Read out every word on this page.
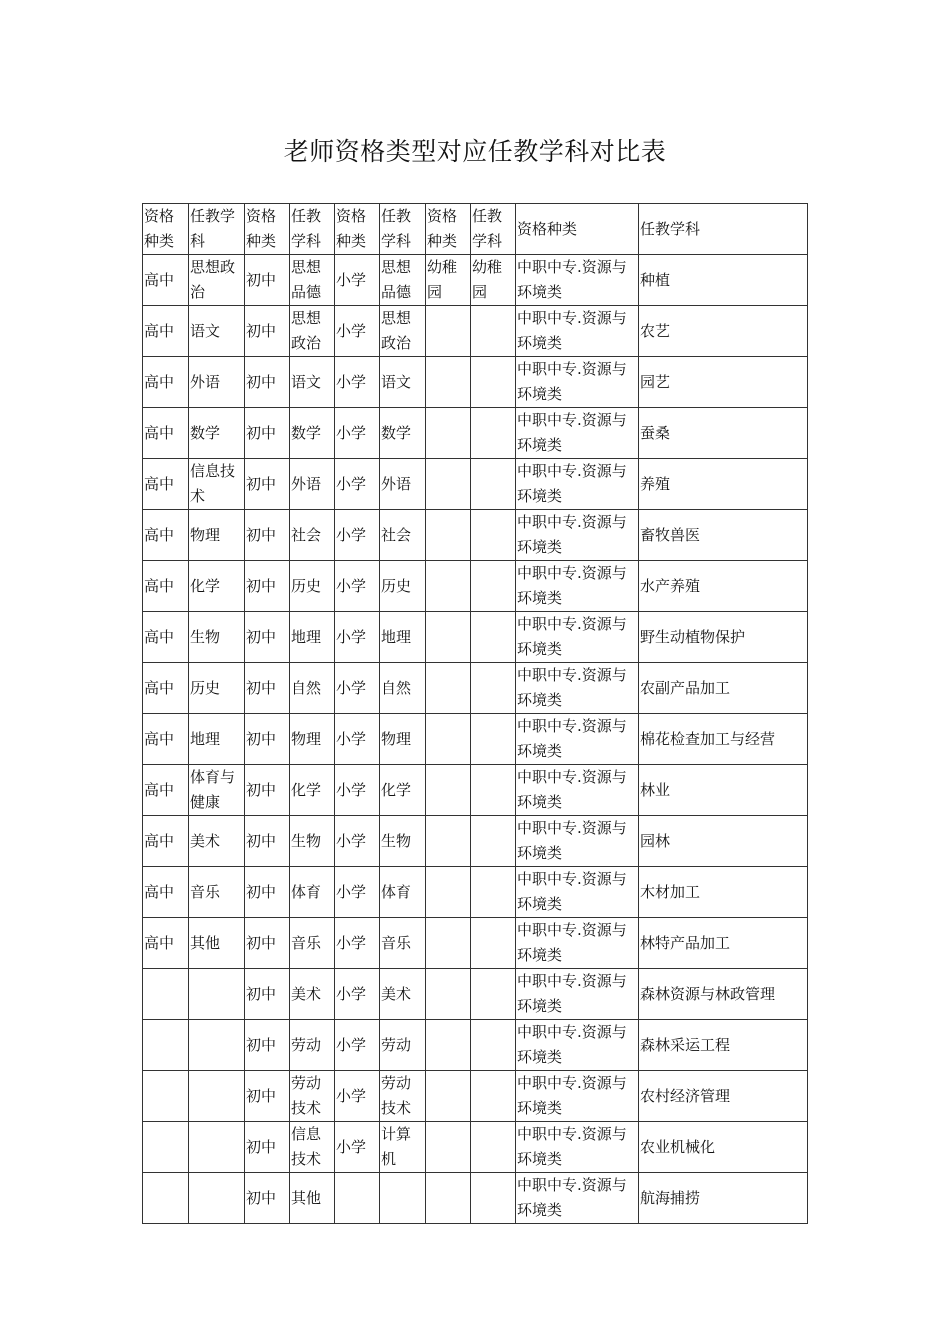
老师资格类型对应任教学科对比表
资格种类	任教学科	资格种类	任教学科	资格种类	任教学科	资格种类	任教学科	资格种类	任教学科
高中	思想政治	初中	思想品德	小学	思想品德	幼稚园	幼稚园	中职中专.资源与环境类	种植
高中	语文	初中	思想政治	小学	思想政治			中职中专.资源与环境类	农艺
高中	外语	初中	语文	小学	语文			中职中专.资源与环境类	园艺
高中	数学	初中	数学	小学	数学			中职中专.资源与环境类	蚕桑
高中	信息技术	初中	外语	小学	外语			中职中专.资源与环境类	养殖
高中	物理	初中	社会	小学	社会			中职中专.资源与环境类	畜牧兽医
高中	化学	初中	历史	小学	历史			中职中专.资源与环境类	水产养殖
高中	生物	初中	地理	小学	地理			中职中专.资源与环境类	野生动植物保护
高中	历史	初中	自然	小学	自然			中职中专.资源与环境类	农副产品加工
高中	地理	初中	物理	小学	物理			中职中专.资源与环境类	棉花检查加工与经营
高中	体育与健康	初中	化学	小学	化学			中职中专.资源与环境类	林业
高中	美术	初中	生物	小学	生物			中职中专.资源与环境类	园林
高中	音乐	初中	体育	小学	体育			中职中专.资源与环境类	木材加工
高中	其他	初中	音乐	小学	音乐			中职中专.资源与环境类	林特产品加工
		初中	美术	小学	美术			中职中专.资源与环境类	森林资源与林政管理
		初中	劳动	小学	劳动			中职中专.资源与环境类	森林采运工程
		初中	劳动技术	小学	劳动技术			中职中专.资源与环境类	农村经济管理
		初中	信息技术	小学	计算机			中职中专.资源与环境类	农业机械化
		初中	其他					中职中专.资源与环境类	航海捕捞
